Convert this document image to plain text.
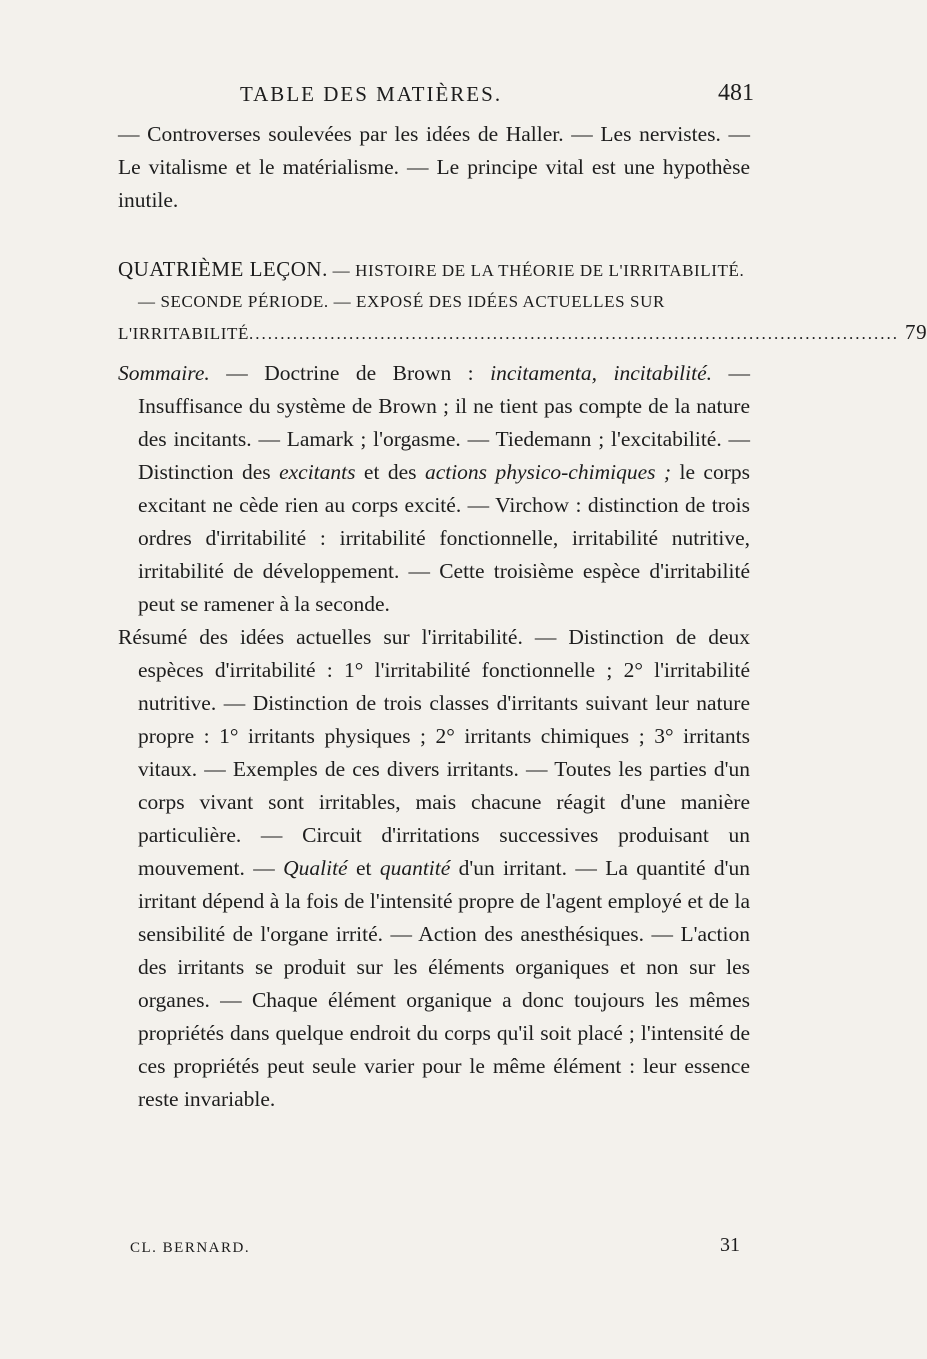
TABLE DES MATIÈRES.	481

— Controverses soulevées par les idées de Haller. — Les nervistes. — Le vitalisme et le matérialisme. — Le principe vital est une hypothèse inutile.

QUATRIÈME LEÇON. — HISTOIRE DE LA THÉORIE DE L'IRRITABILITÉ.

— SECONDE PÉRIODE. — EXPOSÉ DES IDÉES ACTUELLES SUR

L'IRRITABILITÉ ........................................................................................................ 79

Sommaire. — Doctrine de Brown : incitamenta, incitabilité. — Insuffisance du système de Brown ; il ne tient pas compte de la nature des incitants. — Lamark ; l'orgasme. — Tiedemann ; l'excitabilité. — Distinction des excitants et des actions physico-chimiques ; le corps excitant ne cède rien au corps excité. — Virchow : distinction de trois ordres d'irritabilité : irritabilité fonctionnelle, irritabilité nutritive, irritabilité de développement. — Cette troisième espèce d'irritabilité peut se ramener à la seconde.

Résumé des idées actuelles sur l'irritabilité. — Distinction de deux espèces d'irritabilité : 1° l'irritabilité fonctionnelle ; 2° l'irritabilité nutritive. — Distinction de trois classes d'irritants suivant leur nature propre : 1° irritants physiques ; 2° irritants chimiques ; 3° irritants vitaux. — Exemples de ces divers irritants. — Toutes les parties d'un corps vivant sont irritables, mais chacune réagit d'une manière particulière. — Circuit d'irritations successives produisant un mouvement. — Qualité et quantité d'un irritant. — La quantité d'un irritant dépend à la fois de l'intensité propre de l'agent employé et de la sensibilité de l'organe irrité. — Action des anesthésiques. — L'action des irritants se produit sur les éléments organiques et non sur les organes. — Chaque élément organique a donc toujours les mêmes propriétés dans quelque endroit du corps qu'il soit placé ; l'intensité de ces propriétés peut seule varier pour le même élément : leur essence reste invariable.

CL. BERNARD.	31
